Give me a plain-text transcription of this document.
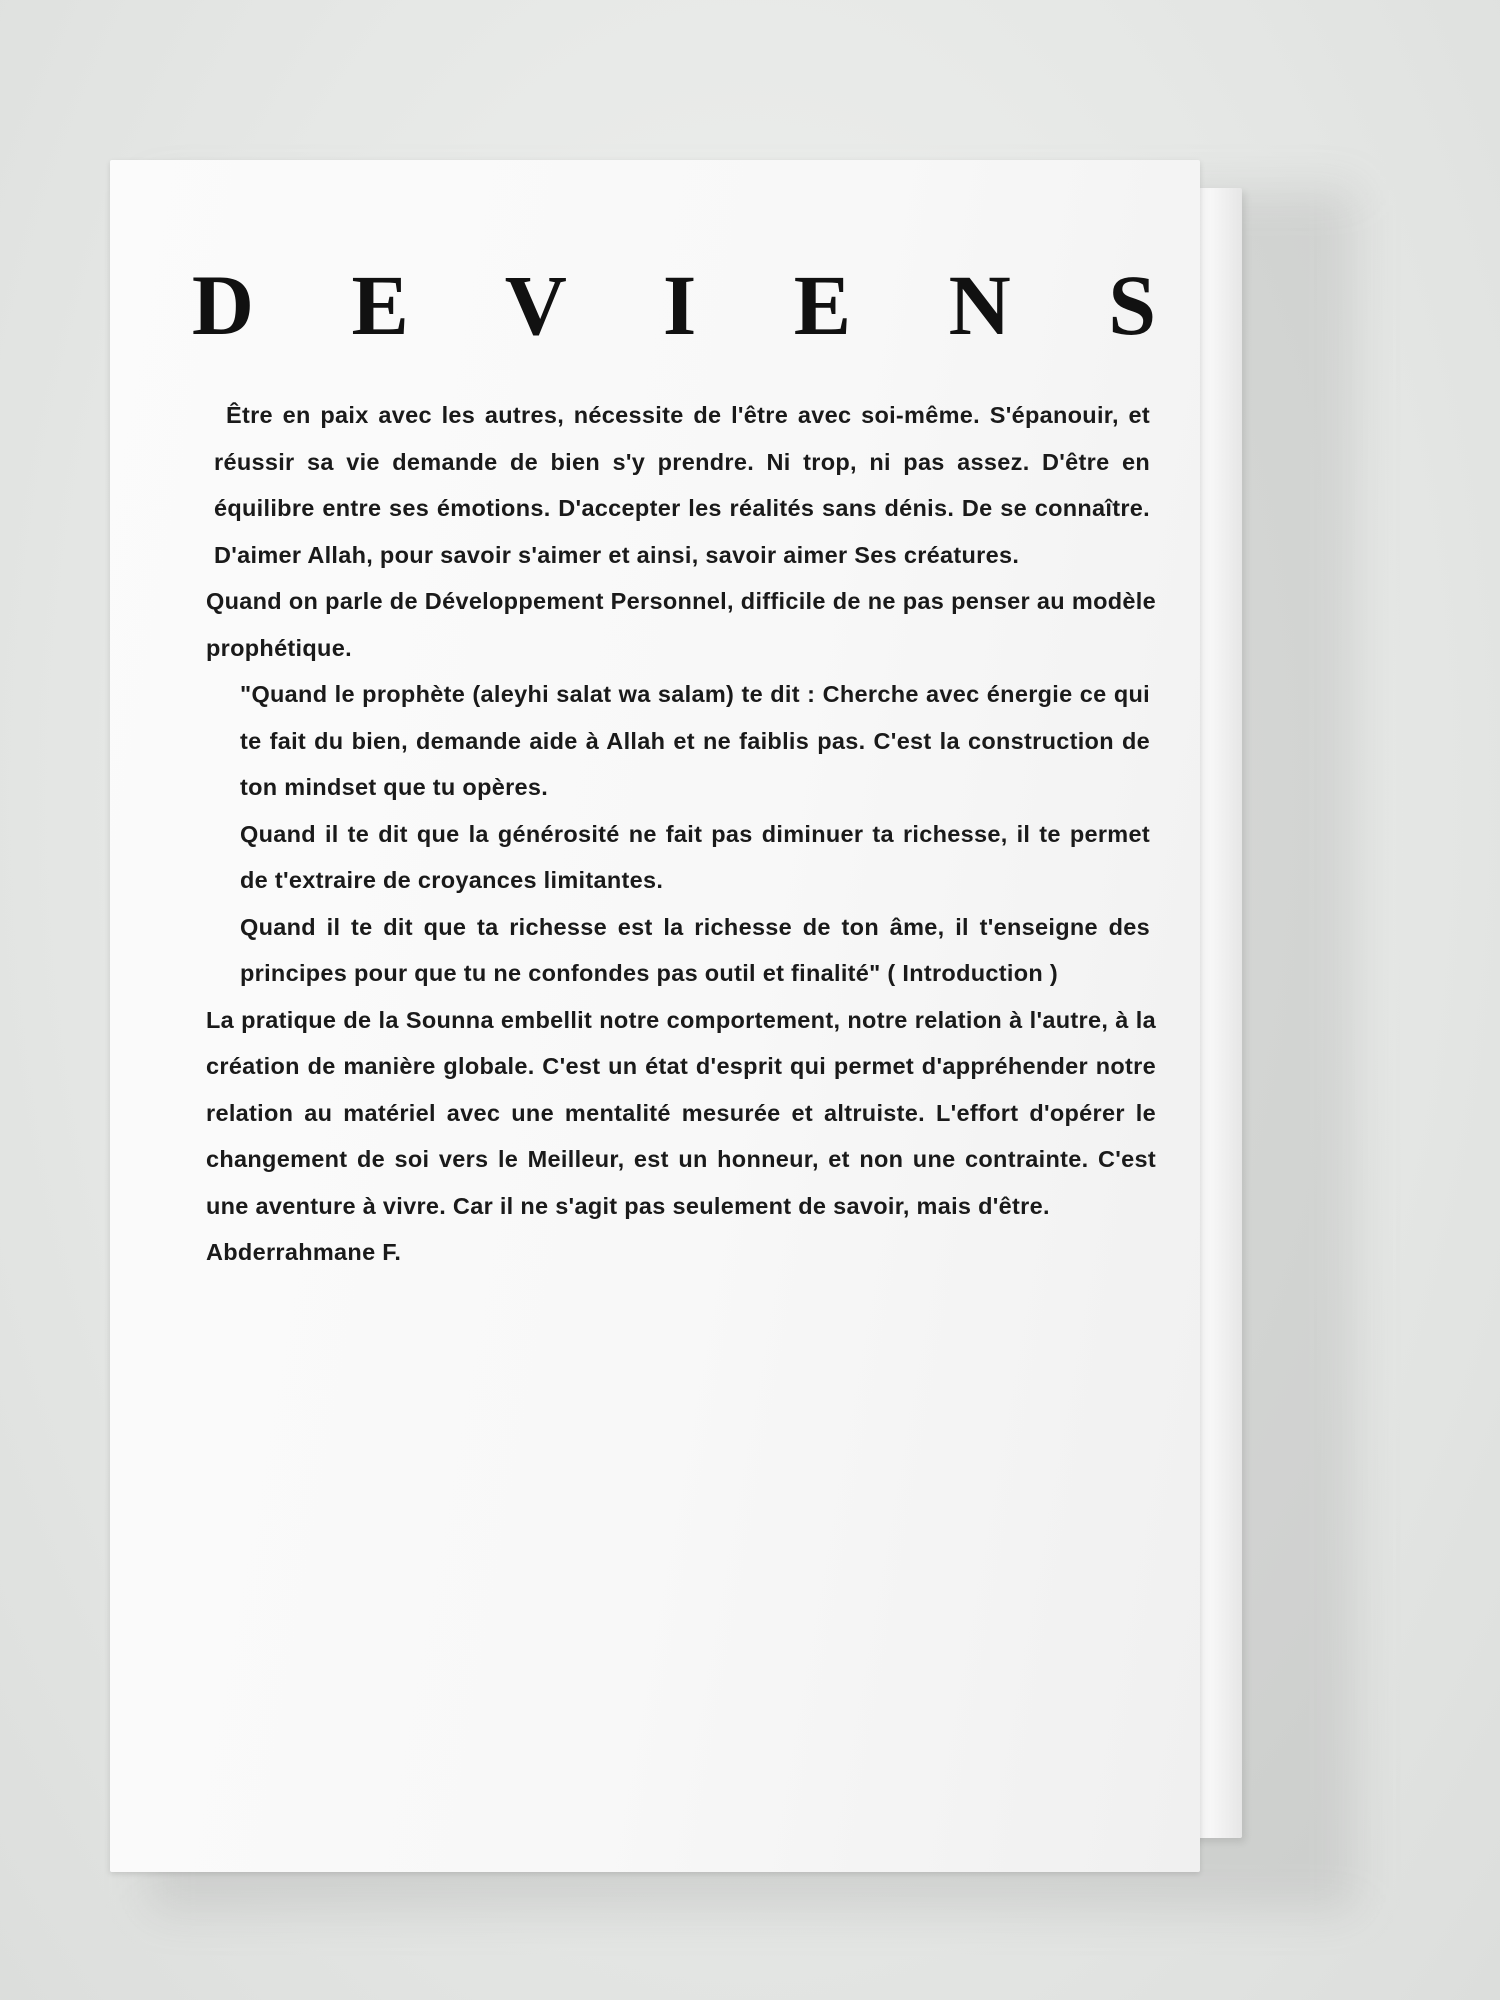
D E V I E N S

Être en paix avec les autres, nécessite de l'être avec soi-même. S'épanouir, et réussir sa vie demande de bien s'y prendre. Ni trop, ni pas assez. D'être en équilibre entre ses émotions. D'accepter les réalités sans dénis. De se connaître. D'aimer Allah, pour savoir s'aimer et ainsi, savoir aimer Ses créatures.

Quand on parle de Développement Personnel, difficile de ne pas penser au modèle prophétique.

"Quand le prophète (aleyhi salat wa salam) te dit : Cherche avec énergie ce qui te fait du bien, demande aide à Allah et ne faiblis pas. C'est la construction de ton mindset que tu opères.

Quand il te dit que la générosité ne fait pas diminuer ta richesse, il te permet de t'extraire de croyances limitantes.

Quand il te dit que ta richesse est la richesse de ton âme, il t'enseigne des principes pour que tu ne confondes pas outil et finalité" ( Introduction )

La pratique de la Sounna embellit notre comportement, notre relation à l'autre, à la création de manière globale. C'est un état d'esprit qui permet d'appréhender notre relation au matériel avec une mentalité mesurée et altruiste. L'effort d'opérer le changement de soi vers le Meilleur, est un honneur, et non une contrainte. C'est une aventure à vivre. Car il ne s'agit pas seulement de savoir, mais d'être.

Abderrahmane F.
